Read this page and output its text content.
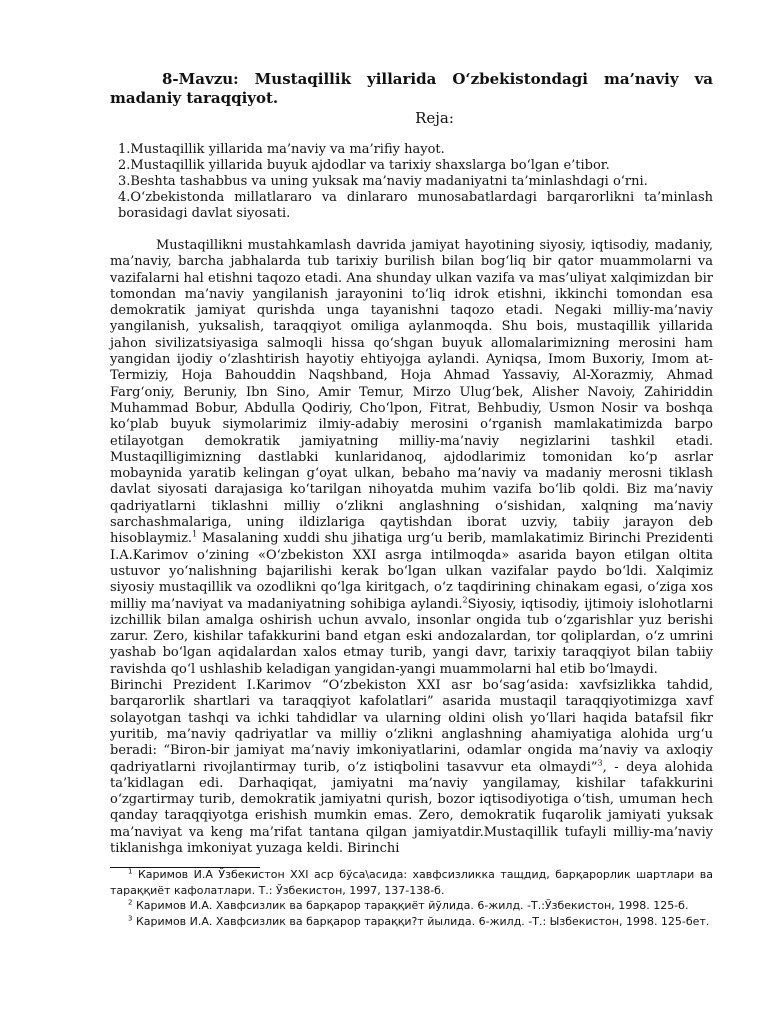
8-Mavzu: Mustaqillik yillarida O‘zbekistondagi ma’naviy va madaniy taraqqiyot.

Reja:

1.Mustaqillik yillarida ma’naviy va ma’rifiy hayot.
2.Mustaqillik yillarida buyuk ajdodlar va tarixiy shaxslarga bo‘lgan e’tibor.
3.Beshta tashabbus va uning yuksak ma’naviy madaniyatni ta’minlashdagi o‘rni.
4.O‘zbekistonda millatlararo va dinlararo munosabatlardagi barqarorlikni ta’minlash borasidagi davlat siyosati.

Mustaqillikni mustahkamlash davrida jamiyat hayotining siyosiy, iqtisodiy, madaniy, ma’naviy, barcha jabhalarda tub tarixiy burilish bilan bog‘liq bir qator muammolarni va vazifalarni hal etishni taqozo etadi. Ana shunday ulkan vazifa va mas’uliyat xalqimizdan bir tomondan ma’naviy yangilanish jarayonini to‘liq idrok etishni, ikkinchi tomondan esa demokratik jamiyat qurishda unga tayanishni taqozo etadi. Negaki milliy-ma’naviy yangilanish, yuksalish, taraqqiyot omiliga aylanmoqda. Shu bois, mustaqillik yillarida jahon sivilizatsiyasiga salmoqli hissa qo‘shgan buyuk allomalarimizning merosini ham yangidan ijodiy o‘zlashtirish hayotiy ehtiyojga aylandi. Ayniqsa, Imom Buxoriy, Imom at-Termiziy, Hoja Bahouddin Naqshband, Hoja Ahmad Yassaviy, Al-Xorazmiy, Ahmad Farg‘oniy, Beruniy, Ibn Sino, Amir Temur, Mirzo Ulug‘bek, Alisher Navoiy, Zahiriddin Muhammad Bobur, Abdulla Qodiriy, Cho‘lpon, Fitrat, Behbudiy, Usmon Nosir va boshqa ko‘plab buyuk siymolarimiz ilmiy-adabiy merosini o‘rganish mamlakatimizda barpo etilayotgan demokratik jamiyatning milliy-ma’naviy negizlarini tashkil etadi. Mustaqilligimizning dastlabki kunlaridanoq, ajdodlarimiz tomonidan ko‘p asrlar mobaynida yaratib kelingan g‘oyat ulkan, bebaho ma’naviy va madaniy merosni tiklash davlat siyosati darajasiga ko‘tarilgan nihoyatda muhim vazifa bo‘lib qoldi. Biz ma’naviy qadriyatlarni tiklashni milliy o‘zlikni anglashning o‘sishidan, xalqning ma’naviy sarchashmalariga, uning ildizlariga qaytishdan iborat uzviy, tabiiy jarayon deb hisoblaymiz.$^1$ Masalaning xuddi shu jihatiga urg‘u berib, mamlakatimiz Birinchi Prezidenti I.A.Karimov o‘zining «O‘zbekiston XXI asrga intilmoqda» asarida bayon etilgan oltita ustuvor yo‘nalishning bajarilishi kerak bo‘lgan ulkan vazifalar paydo bo‘ldi. Xalqimiz siyosiy mustaqillik va ozodlikni qo‘lga kiritgach, o‘z taqdirining chinakam egasi, o‘ziga xos milliy ma’naviyat va madaniyatning sohibiga aylandi.$^2$Siyosiy, iqtisodiy, ijtimoiy islohotlarni izchillik bilan amalga oshirish uchun avvalo, insonlar ongida tub o‘zgarishlar yuz berishi zarur. Zero, kishilar tafakkurini band etgan eski andozalardan, tor qoliplardan, o‘z umrini yashab bo‘lgan aqidalardan xalos etmay turib, yangi davr, tarixiy taraqqiyot bilan tabiiy ravishda qo‘l ushlashib keladigan yangidan-yangi muammolarni hal etib bo‘lmaydi.

Birinchi Prezident I.Karimov “O‘zbekiston XXI asr bo‘sag‘asida: xavfsizlikka tahdid, barqarorlik shartlari va taraqqiyot kafolatlari” asarida mustaqil taraqqiyotimizga xavf solayotgan tashqi va ichki tahdidlar va ularning oldini olish yo‘llari haqida batafsil fikr yuritib, ma’naviy qadriyatlar va milliy o‘zlikni anglashning ahamiyatiga alohida urg‘u beradi: “Biron-bir jamiyat ma’naviy imkoniyatlarini, odamlar ongida ma’naviy va axloqiy qadriyatlarni rivojlantirmay turib, o‘z istiqbolini tasavvur eta olmaydi”$^3$, - deya alohida ta’kidlagan edi. Darhaqiqat, jamiyatni ma’naviy yangilamay, kishilar tafakkurini o‘zgartirmay turib, demokratik jamiyatni qurish, bozor iqtisodiyotiga o‘tish, umuman hech qanday taraqqiyotga erishish mumkin emas. Zero, demokratik fuqarolik jamiyati yuksak ma’naviyat va keng ma’rifat tantana qilgan jamiyatdir.Mustaqillik tufayli milliy-ma’naviy tiklanishga imkoniyat yuzaga keldi. Birinchi

$^1$ Каримов И.А Ўзбекистон XXI аср бўса\асида: хавфсизликка тащдид, барқарорлик шартлари ва тараққиёт кафолатлари. Т.: Ўзбекистон, 1997, 137-138-б.

$^2$ Каримов И.А. Хавфсизлик ва барқарор тараққиёт йўлида. 6-жилд. -Т.:Ўзбекистон, 1998. 125-б.

$^3$ Каримов И.А. Хавфсизлик ва барқарор тараққи?т йылида. 6-жилд. -Т.: Ызбекистон, 1998. 125-бет.
